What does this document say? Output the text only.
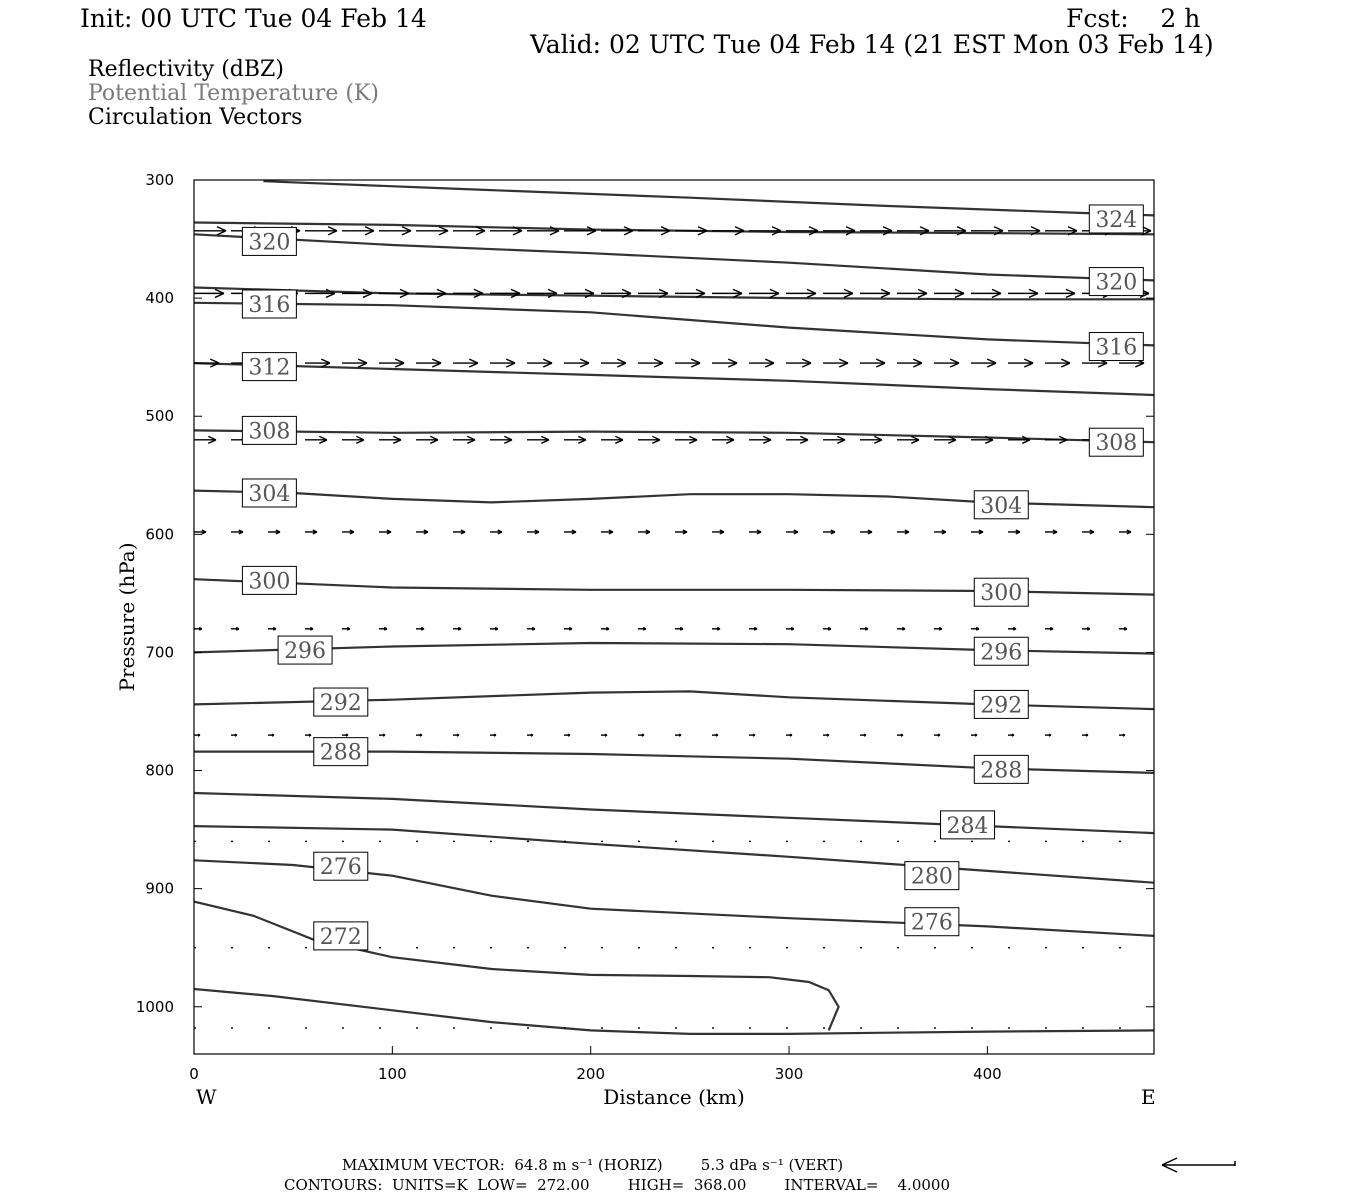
Init: 00 UTC Tue 04 Feb 14	Fcst:    2 h
Valid: 02 UTC Tue 04 Feb 14 (21 EST Mon 03 Feb 14)
Reflectivity (dBZ)
Potential Temperature (K)
Circulation Vectors
324
320
320
316
316
312
308	308
304	304
300	300
296	296
292	292
288
288
284
280
276
276
272
0	100	200	300	400
300
400
500
600
700
800
900
1000
Distance (km)
Pressure (hPa)
W	E
MAXIMUM VECTOR:  64.8 m s⁻¹ (HORIZ)        5.3 dPa s⁻¹ (VERT)
CONTOURS:  UNITS=K  LOW=  272.00        HIGH=  368.00        INTERVAL=    4.0000
